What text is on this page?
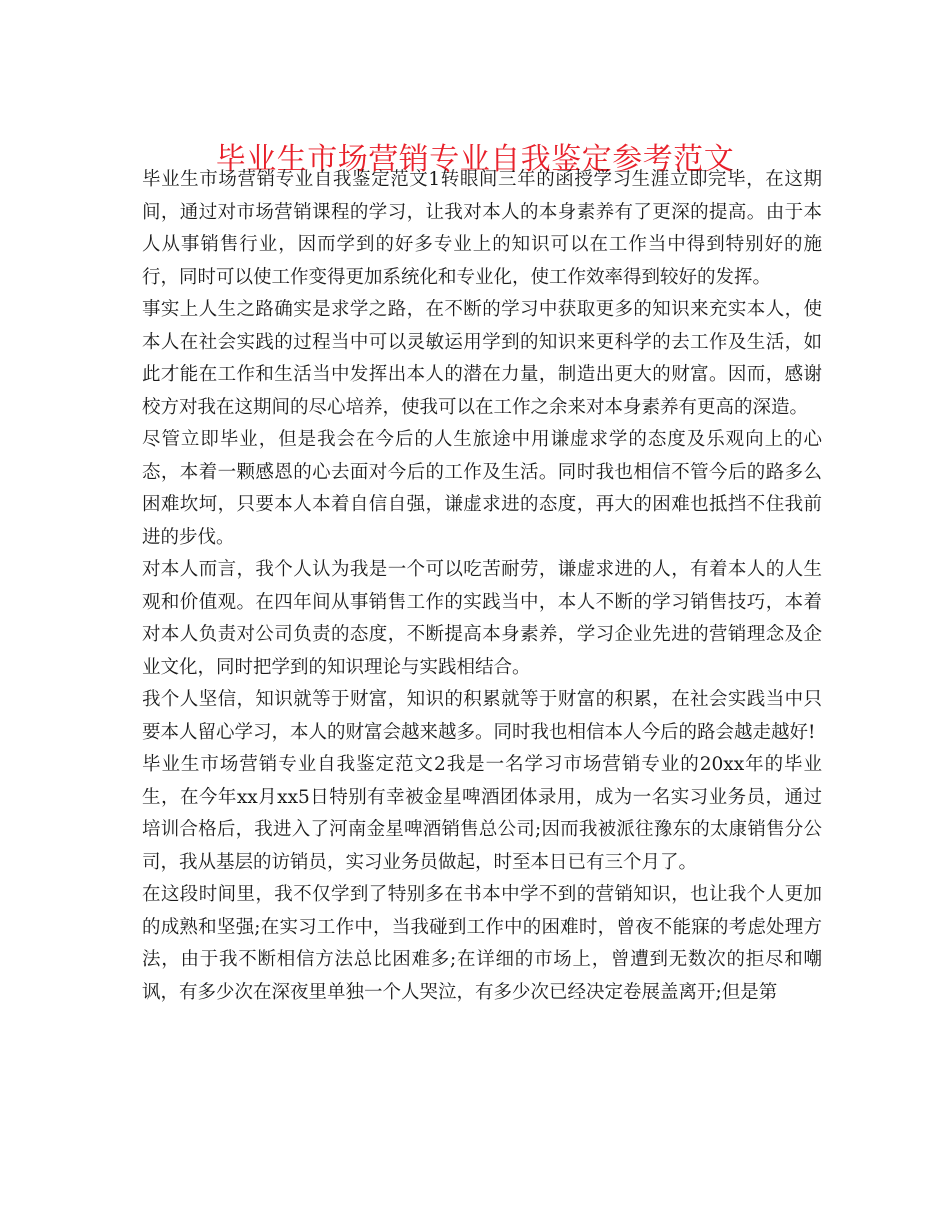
毕业生市场营销专业自我鉴定参考范文

毕业生市场营销专业自我鉴定范文1转眼间三年的函授学习生涯立即完毕，在这期间，通过对市场营销课程的学习，让我对本人的本身素养有了更深的提高。由于本人从事销售行业，因而学到的好多专业上的知识可以在工作当中得到特别好的施行，同时可以使工作变得更加系统化和专业化，使工作效率得到较好的发挥。

事实上人生之路确实是求学之路，在不断的学习中获取更多的知识来充实本人，使本人在社会实践的过程当中可以灵敏运用学到的知识来更科学的去工作及生活，如此才能在工作和生活当中发挥出本人的潜在力量，制造出更大的财富。因而，感谢校方对我在这期间的尽心培养，使我可以在工作之余来对本身素养有更高的深造。

尽管立即毕业，但是我会在今后的人生旅途中用谦虚求学的态度及乐观向上的心态，本着一颗感恩的心去面对今后的工作及生活。同时我也相信不管今后的路多么困难坎坷，只要本人本着自信自强，谦虚求进的态度，再大的困难也抵挡不住我前进的步伐。

对本人而言，我个人认为我是一个可以吃苦耐劳，谦虚求进的人，有着本人的人生观和价值观。在四年间从事销售工作的实践当中，本人不断的学习销售技巧，本着对本人负责对公司负责的态度，不断提高本身素养，学习企业先进的营销理念及企业文化，同时把学到的知识理论与实践相结合。

我个人坚信，知识就等于财富，知识的积累就等于财富的积累，在社会实践当中只要本人留心学习，本人的财富会越来越多。同时我也相信本人今后的路会越走越好!

毕业生市场营销专业自我鉴定范文2我是一名学习市场营销专业的20xx年的毕业生，在今年xx月xx5日特别有幸被金星啤酒团体录用，成为一名实习业务员，通过培训合格后，我进入了河南金星啤酒销售总公司;因而我被派往豫东的太康销售分公司，我从基层的访销员，实习业务员做起，时至本日已有三个月了。

在这段时间里，我不仅学到了特别多在书本中学不到的营销知识，也让我个人更加的成熟和坚强;在实习工作中，当我碰到工作中的困难时，曾夜不能寐的考虑处理方法，由于我不断相信方法总比困难多;在详细的市场上，曾遭到无数次的拒尽和嘲讽，有多少次在深夜里单独一个人哭泣，有多少次已经决定卷展盖离开;但是第
